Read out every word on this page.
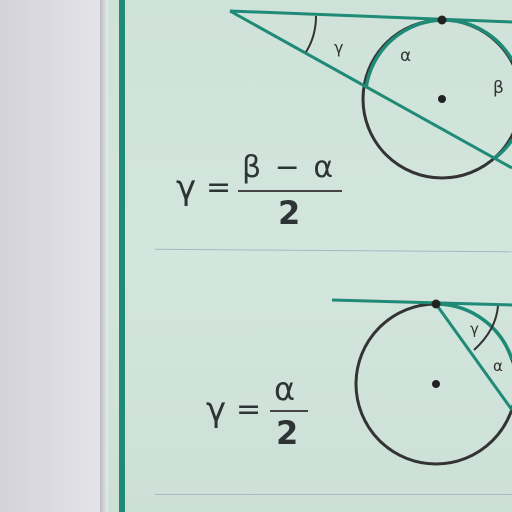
γ	α
β
γ
α
γ =
β − α
2
γ =
α
2
